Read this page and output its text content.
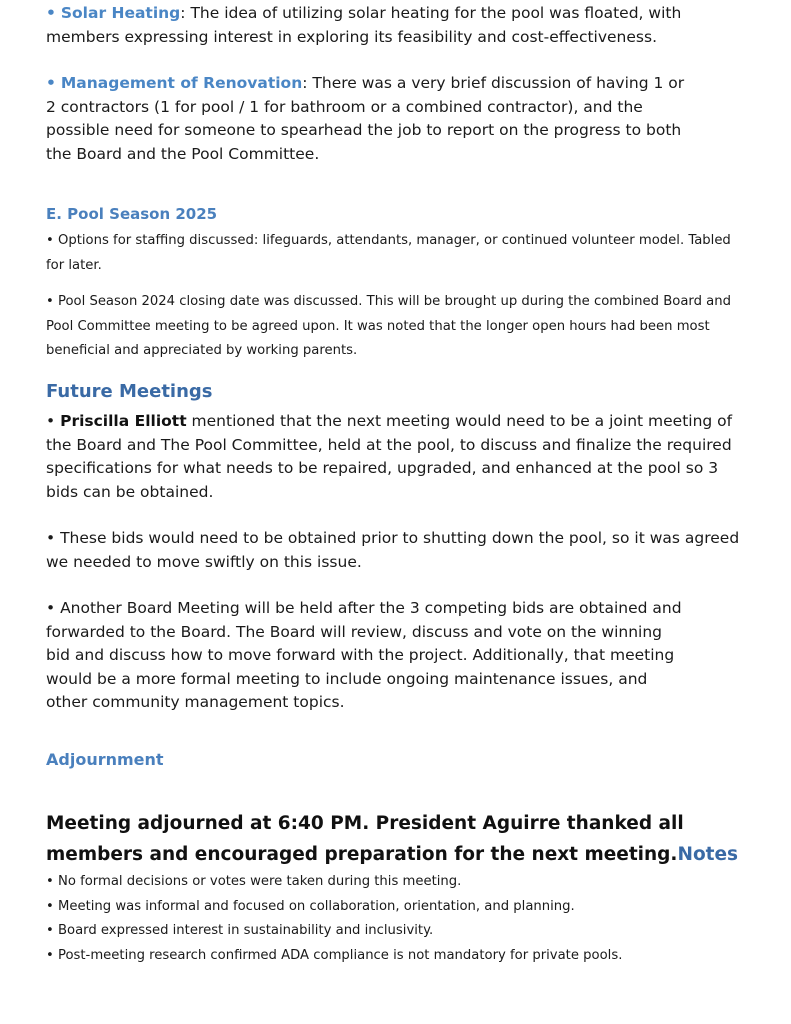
• Solar Heating: The idea of utilizing solar heating for the pool was floated, with members expressing interest in exploring its feasibility and cost-effectiveness.

• Management of Renovation: There was a very brief discussion of having 1 or 2 contractors (1 for pool / 1 for bathroom or a combined contractor), and the possible need for someone to spearhead the job to report on the progress to both the Board and the Pool Committee.

E. Pool Season 2025

• Options for staffing discussed: lifeguards, attendants, manager, or continued volunteer model. Tabled for later.

• Pool Season 2024 closing date was discussed. This will be brought up during the combined Board and Pool Committee meeting to be agreed upon. It was noted that the longer open hours had been most beneficial and appreciated by working parents.

Future Meetings

• Priscilla Elliott mentioned that the next meeting would need to be a joint meeting of the Board and The Pool Committee, held at the pool, to discuss and finalize the required specifications for what needs to be repaired, upgraded, and enhanced at the pool so 3 bids can be obtained.

• These bids would need to be obtained prior to shutting down the pool, so it was agreed we needed to move swiftly on this issue.

• Another Board Meeting will be held after the 3 competing bids are obtained and forwarded to the Board. The Board will review, discuss and vote on the winning bid and discuss how to move forward with the project. Additionally, that meeting would be a more formal meeting to include ongoing maintenance issues, and other community management topics.

Adjournment

Meeting adjourned at 6:40 PM. President Aguirre thanked all members and encouraged preparation for the next meeting.Notes

• No formal decisions or votes were taken during this meeting.
• Meeting was informal and focused on collaboration, orientation, and planning.
• Board expressed interest in sustainability and inclusivity.
• Post-meeting research confirmed ADA compliance is not mandatory for private pools.
